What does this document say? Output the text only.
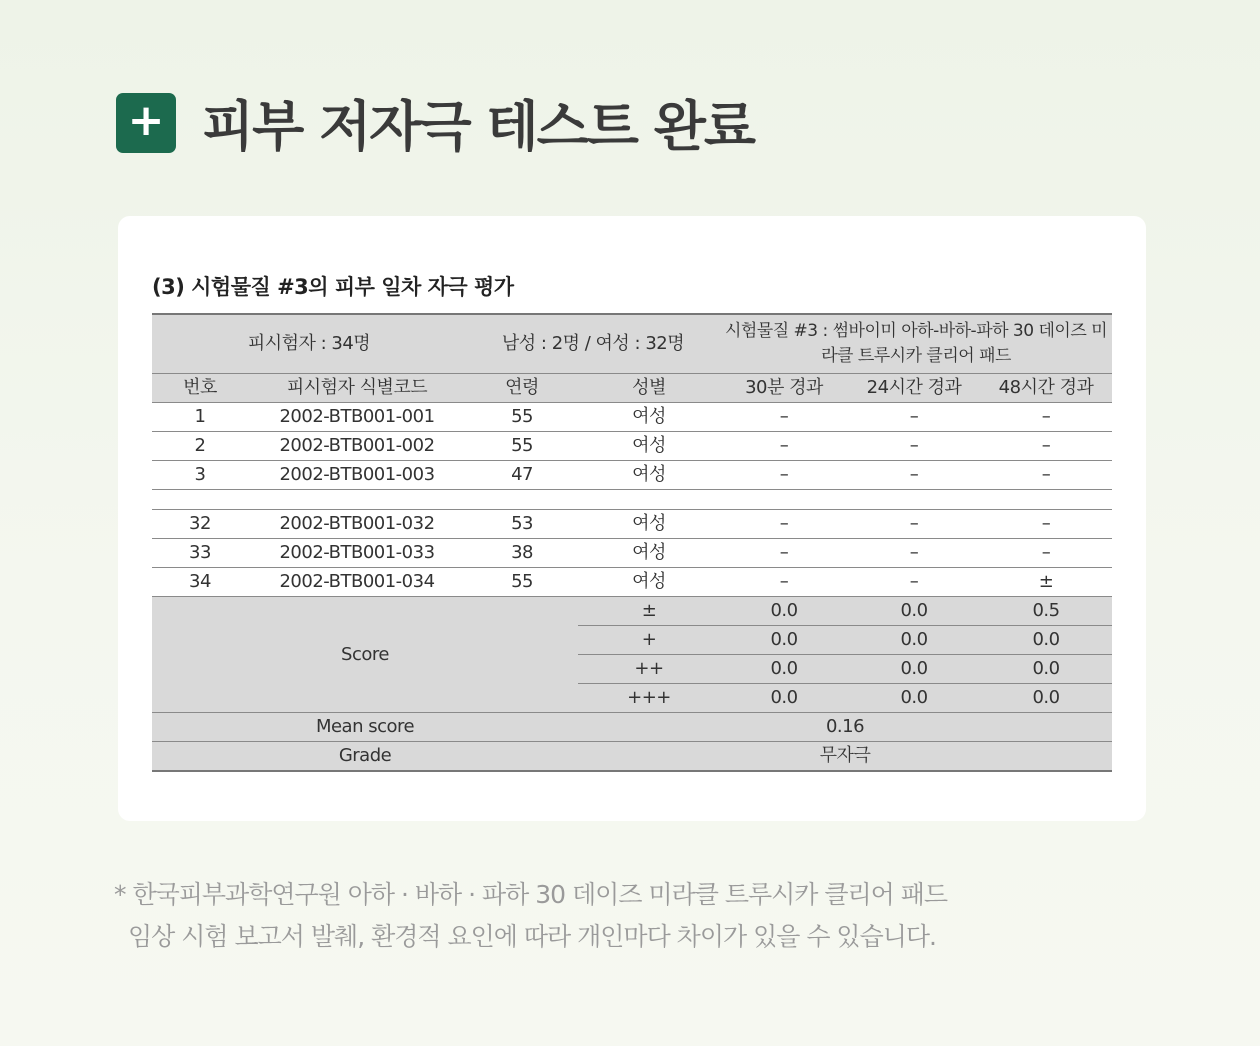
+ 피부 저자극 테스트 완료
(3) 시험물질 #3의 피부 일차 자극 평가
피시험자 : 34명		남성 : 2명 / 여성 : 32명		시험물질 #3 : 썸바이미 아하-바하-파하 30 데이즈 미라클 트루시카 클리어 패드		
번호	피시험자 식별코드	연령	성별	30분 경과	24시간 경과	48시간 경과
1	2002-BTB001-001	55	여성	–	–	–
2	2002-BTB001-002	55	여성	–	–	–
3	2002-BTB001-003	47	여성	–	–	–

32	2002-BTB001-032	53	여성	–	–	–
33	2002-BTB001-033	38	여성	–	–	–
34	2002-BTB001-034	55	여성	–	–	±
Score			±	0.0	0.0	0.5
			+	0.0	0.0	0.0
			++	0.0	0.0	0.0
			+++	0.0	0.0	0.0
Mean score			0.16			
Grade			무자극			
* 한국피부과학연구원 아하 · 바하 · 파하 30 데이즈 미라클 트루시카 클리어 패드
임상 시험 보고서 발췌, 환경적 요인에 따라 개인마다 차이가 있을 수 있습니다.
